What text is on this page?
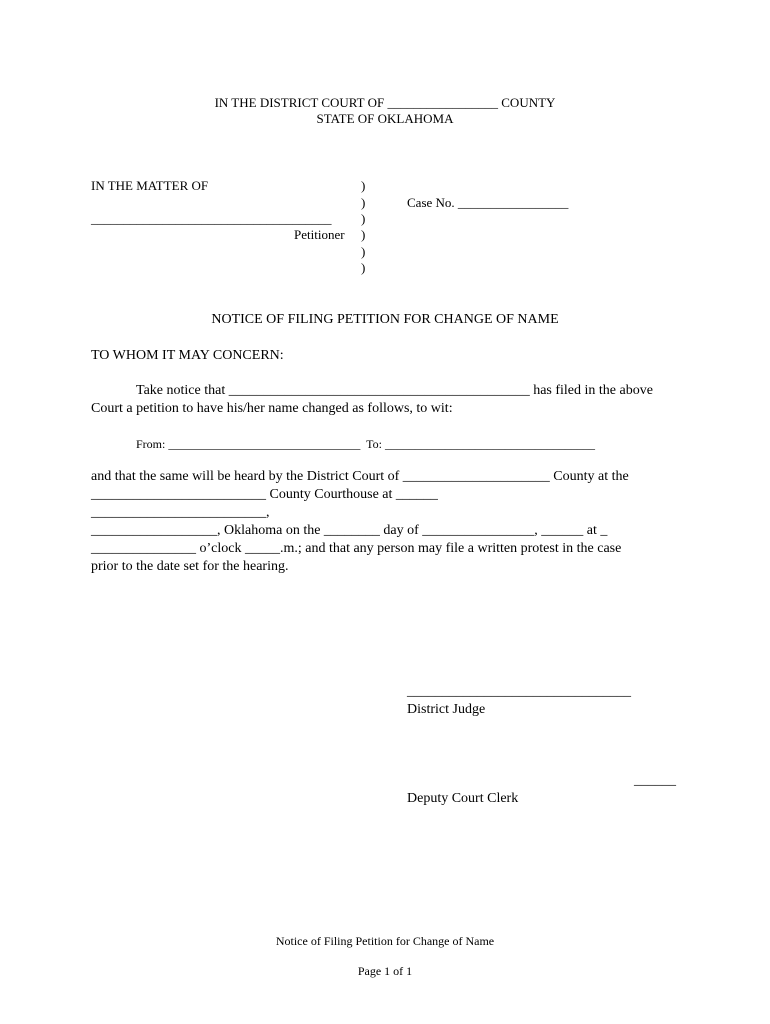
IN THE DISTRICT COURT OF _________________ COUNTY
STATE OF OKLAHOMA
IN THE MATTER OF
_____________________________________
Petitioner
)
)
)
)
)
)
Case No. _________________
NOTICE OF FILING PETITION FOR CHANGE OF NAME
TO WHOM IT MAY CONCERN:
Take notice that ___________________________________________ has filed in the above
Court a petition to have his/her name changed as follows, to wit:
From: ________________________________  To: ___________________________________
and that the same will be heard by the District Court of _____________________ County at the
_________________________ County Courthouse at ______
_________________________,
__________________, Oklahoma on the ________ day of ________________, ______ at _
_______________ o’clock _____.m.; and that any person may file a written protest in the case
prior to the date set for the hearing.
________________________________
District Judge
______
Deputy Court Clerk
Notice of Filing Petition for Change of Name
Page 1 of 1
